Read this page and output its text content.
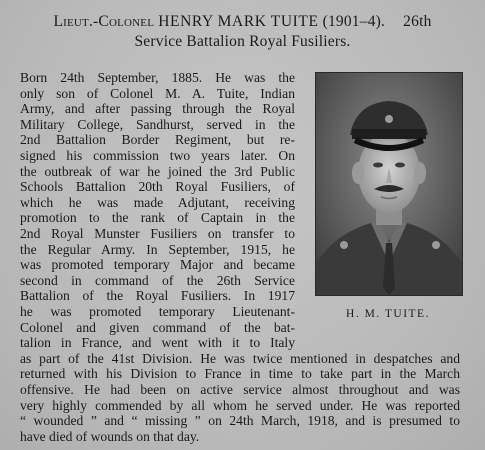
Lieut.-Colonel HENRY MARK TUITE (1901–4). 26th
Service Battalion Royal Fusiliers.
Born 24th September, 1885. He was the
only son of Colonel M. A. Tuite, Indian
Army, and after passing through the Royal
Military College, Sandhurst, served in the
2nd Battalion Border Regiment, but re-
signed his commission two years later. On
the outbreak of war he joined the 3rd Public
Schools Battalion 20th Royal Fusiliers, of
which he was made Adjutant, receiving
promotion to the rank of Captain in the
2nd Royal Munster Fusiliers on transfer to
the Regular Army. In September, 1915, he
was promoted temporary Major and became
second in command of the 26th Service
Battalion of the Royal Fusiliers. In 1917
he was promoted temporary Lieutenant-
Colonel and given command of the bat-
talion in France, and went with it to Italy
as part of the 41st Division. He was twice mentioned in despatches and
returned with his Division to France in time to take part in the March
offensive. He had been on active service almost throughout and was
very highly commended by all whom he served under. He was reported
“ wounded ” and “ missing ” on 24th March, 1918, and is presumed to
have died of wounds on that day.
H. M. TUITE.
